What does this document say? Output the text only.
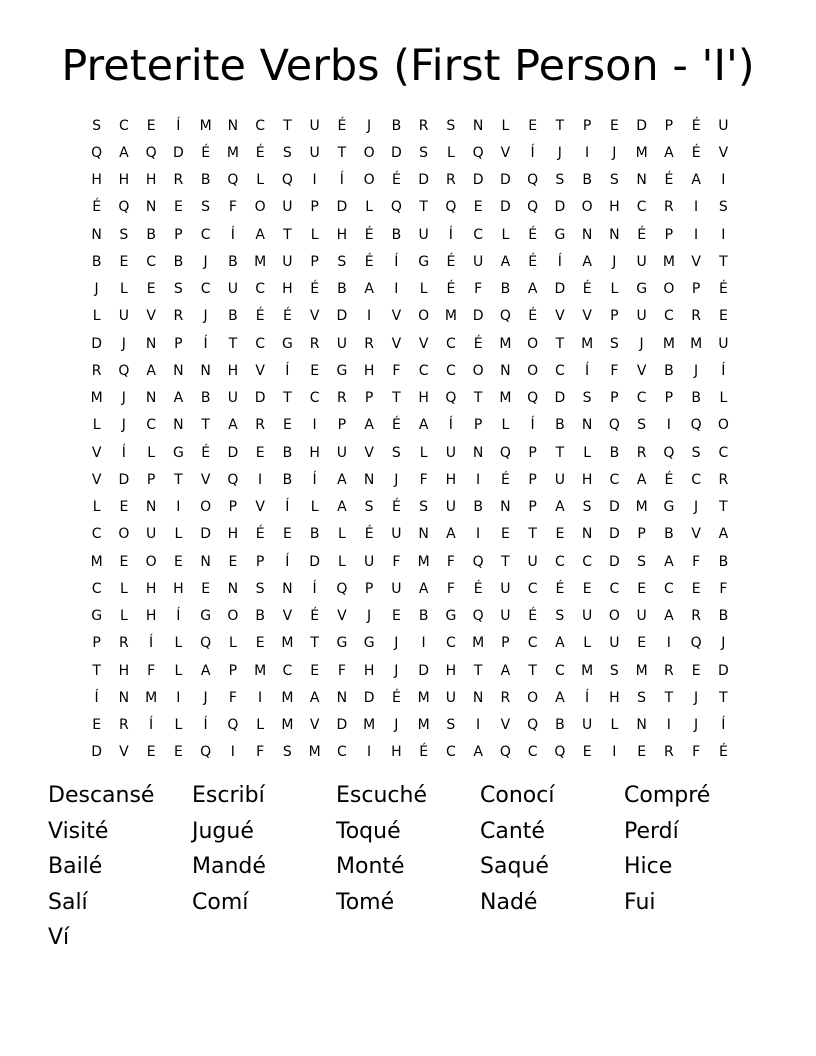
Preterite Verbs (First Person - 'I')
S	C	E	Í	M	N	C	T	U	É	J	B	R	S	N	L	E	T	P	E	D	P	É	U
Q	A	Q	D	É	M	É	S	U	T	O	D	S	L	Q	V	Í	J	I	J	M	A	É	V
H	H	H	R	B	Q	L	Q	I	Í	O	É	D	R	D	D	Q	S	B	S	N	É	A	I
É	Q	N	E	S	F	O	U	P	D	L	Q	T	Q	E	D	Q	D	O	H	C	R	I	S
N	S	B	P	C	Í	A	T	L	H	É	B	U	Í	C	L	É	G	N	N	É	P	I	I
B	E	C	B	J	B	M	U	P	S	É	Í	G	É	U	A	É	Í	A	J	U	M	V	T
J	L	E	S	C	U	C	H	É	B	A	I	L	É	F	B	A	D	É	L	G	O	P	É
L	U	V	R	J	B	É	É	V	D	I	V	O	M	D	Q	É	V	V	P	U	C	R	E
D	J	N	P	Í	T	C	G	R	U	R	V	V	C	É	M	O	T	M	S	J	M	M	U
R	Q	A	N	N	H	V	Í	E	G	H	F	C	C	O	N	O	C	Í	F	V	B	J	Í
M	J	N	A	B	U	D	T	C	R	P	T	H	Q	T	M	Q	D	S	P	C	P	B	L
L	J	C	N	T	A	R	E	I	P	A	É	A	Í	P	L	Í	B	N	Q	S	I	Q	O
V	Í	L	G	É	D	E	B	H	U	V	S	L	U	N	Q	P	T	L	B	R	Q	S	C
V	D	P	T	V	Q	I	B	Í	A	N	J	F	H	I	É	P	U	H	C	A	É	C	R
L	E	N	I	O	P	V	Í	L	A	S	É	S	U	B	N	P	A	S	D	M	G	J	T
C	O	U	L	D	H	É	E	B	L	É	U	N	A	I	E	T	E	N	D	P	B	V	A
M	E	O	E	N	E	P	Í	D	L	U	F	M	F	Q	T	U	C	C	D	S	A	F	B
C	L	H	H	E	N	S	N	Í	Q	P	U	A	F	É	U	C	É	E	C	E	C	E	F
G	L	H	Í	G	O	B	V	É	V	J	E	B	G	Q	U	É	S	U	O	U	A	R	B
P	R	Í	L	Q	L	E	M	T	G	G	J	I	C	M	P	C	A	L	U	E	I	Q	J
T	H	F	L	A	P	M	C	E	F	H	J	D	H	T	A	T	C	M	S	M	R	E	D
Í	N	M	I	J	F	I	M	A	N	D	É	M	U	N	R	O	A	Í	H	S	T	J	T
E	R	Í	L	Í	Q	L	M	V	D	M	J	M	S	I	V	Q	B	U	L	N	I	J	Í
D	V	E	E	Q	I	F	S	M	C	I	H	É	C	A	Q	C	Q	E	I	E	R	F	É
Descansé	Escribí	Escuché	Conocí	Compré
Visité	Jugué	Toqué	Canté	Perdí
Bailé	Mandé	Monté	Saqué	Hice
Salí	Comí	Tomé	Nadé	Fui
Ví
